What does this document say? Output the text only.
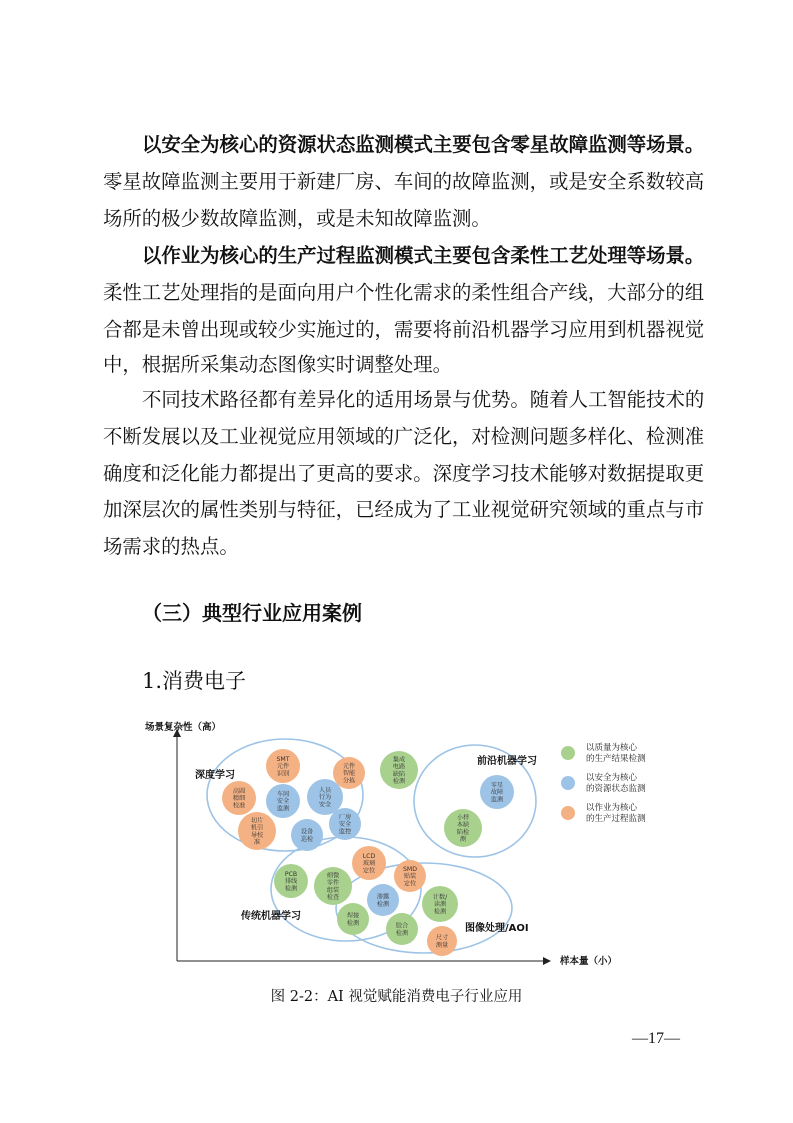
以安全为核心的资源状态监测模式主要包含零星故障监测等场景。
零星故障监测主要用于新建厂房、车间的故障监测，或是安全系数较高
场所的极少数故障监测，或是未知故障监测。
以作业为核心的生产过程监测模式主要包含柔性工艺处理等场景。
柔性工艺处理指的是面向用户个性化需求的柔性组合产线，大部分的组
合都是未曾出现或较少实施过的，需要将前沿机器学习应用到机器视觉
中，根据所采集动态图像实时调整处理。
不同技术路径都有差异化的适用场景与优势。随着人工智能技术的
不断发展以及工业视觉应用领域的广泛化，对检测问题多样化、检测准
确度和泛化能力都提出了更高的要求。深度学习技术能够对数据提取更
加深层次的属性类别与特征，已经成为了工业视觉研究领域的重点与市
场需求的热点。
（三）典型行业应用案例
1.消费电子
场景复杂性（高）
样本量（小）
深度学习
前沿机器学习
传统机器学习
图像处理/AOI
SMT
元件
识别
元件
智能
分拣
集成
电路
缺陷
检测
高圆
精细
校准
车间
安全
监测
人员
行为
安全
切片
机引
导校
准
厂房
安全
监控
设备
巡检
零星
故障
监测
小样
本缺
陷检
测
PCB
排线
检测
LCD
玻璃
定位	SMD
贴装
定位
细微
零件
组装
检查	渗露
检测
计数/
读测
检测
焊接
检测	胶合
检测
尺寸
测量
以质量为核心
的生产结果检测
以安全为核心
的资源状态监测
以作业为核心
的生产过程监测
图 2-2：AI 视觉赋能消费电子行业应用
—17—
